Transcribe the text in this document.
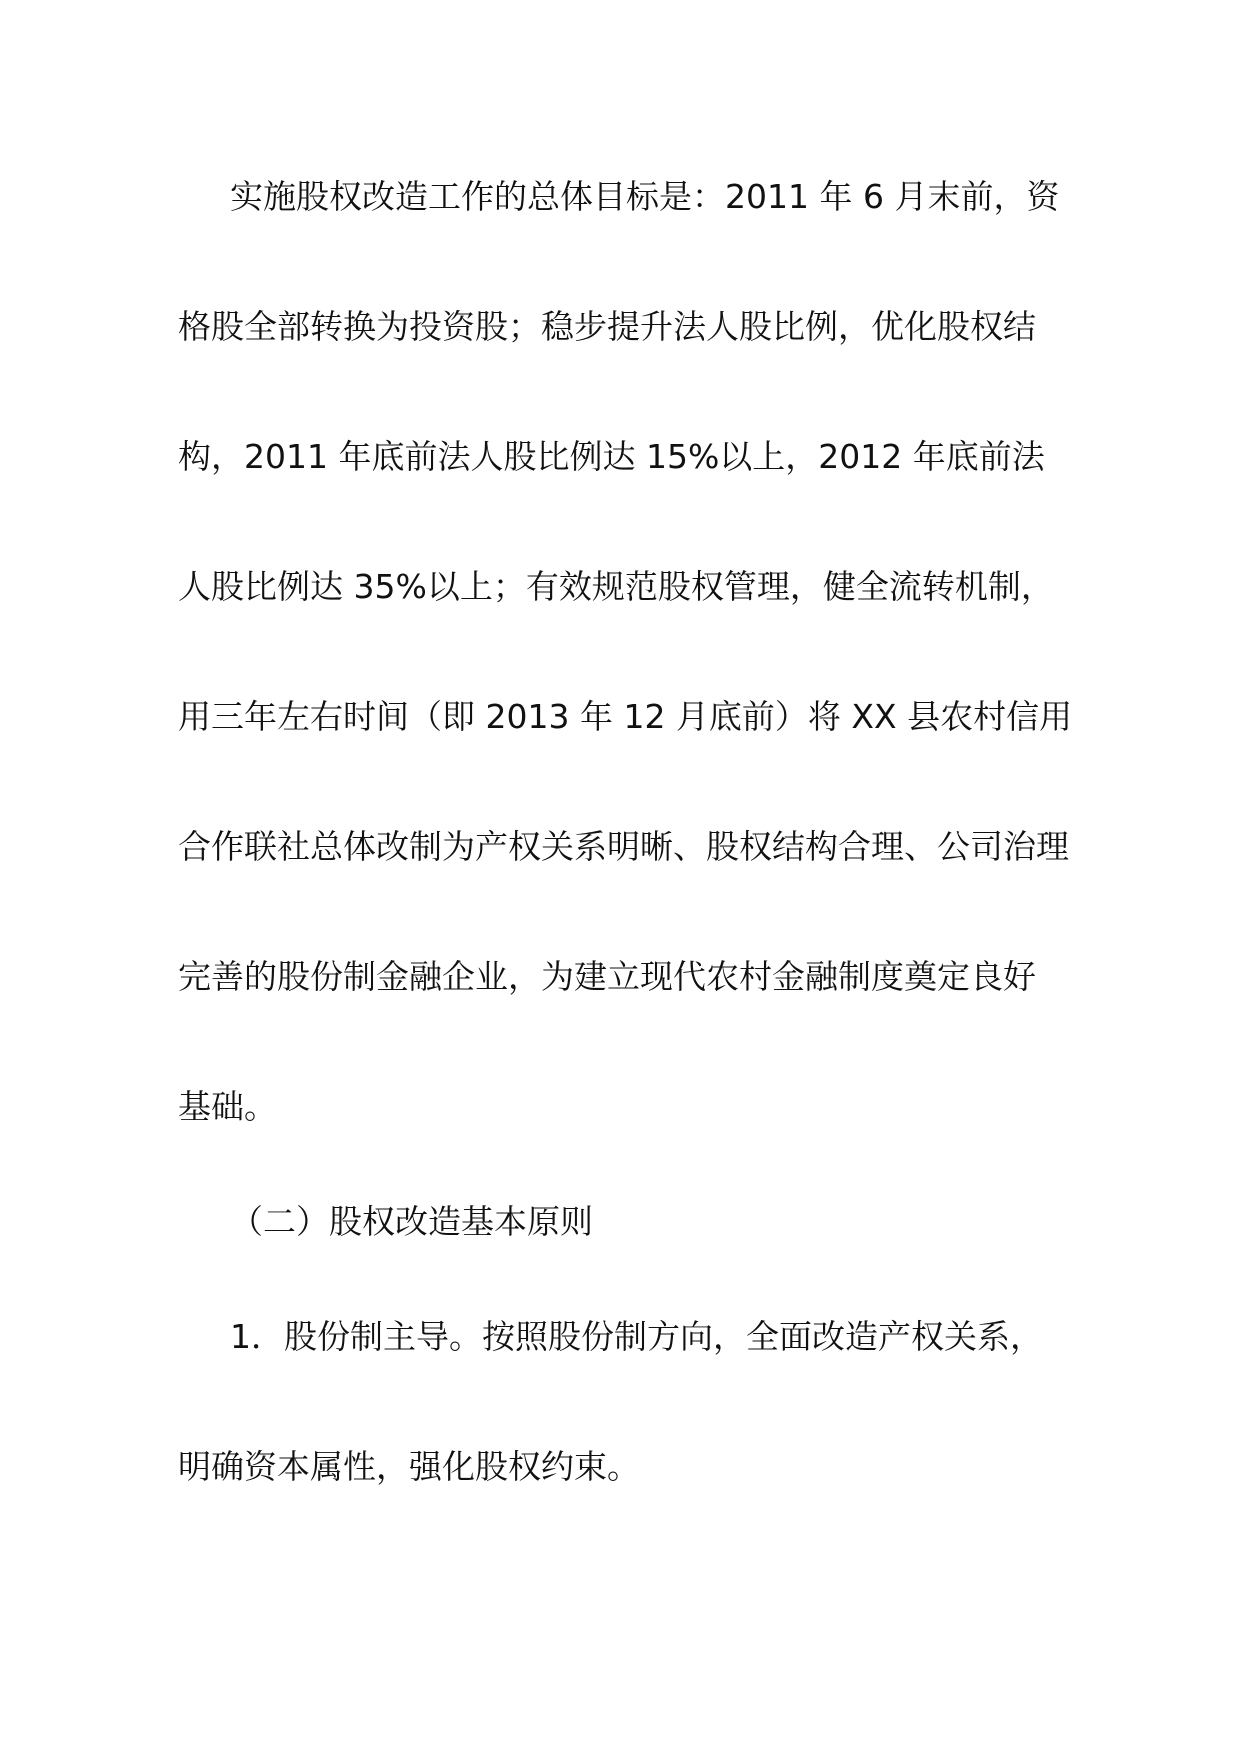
实施股权改造工作的总体目标是：2011 年 6 月末前，资
格股全部转换为投资股；稳步提升法人股比例，优化股权结
构，2011 年底前法人股比例达 15%以上，2012 年底前法
人股比例达 35%以上；有效规范股权管理，健全流转机制，
用三年左右时间（即 2013 年 12 月底前）将 XX 县农村信用
合作联社总体改制为产权关系明晰、股权结构合理、公司治理
完善的股份制金融企业，为建立现代农村金融制度奠定良好
基础。
（二）股权改造基本原则
1．股份制主导。按照股份制方向，全面改造产权关系，
明确资本属性，强化股权约束。
